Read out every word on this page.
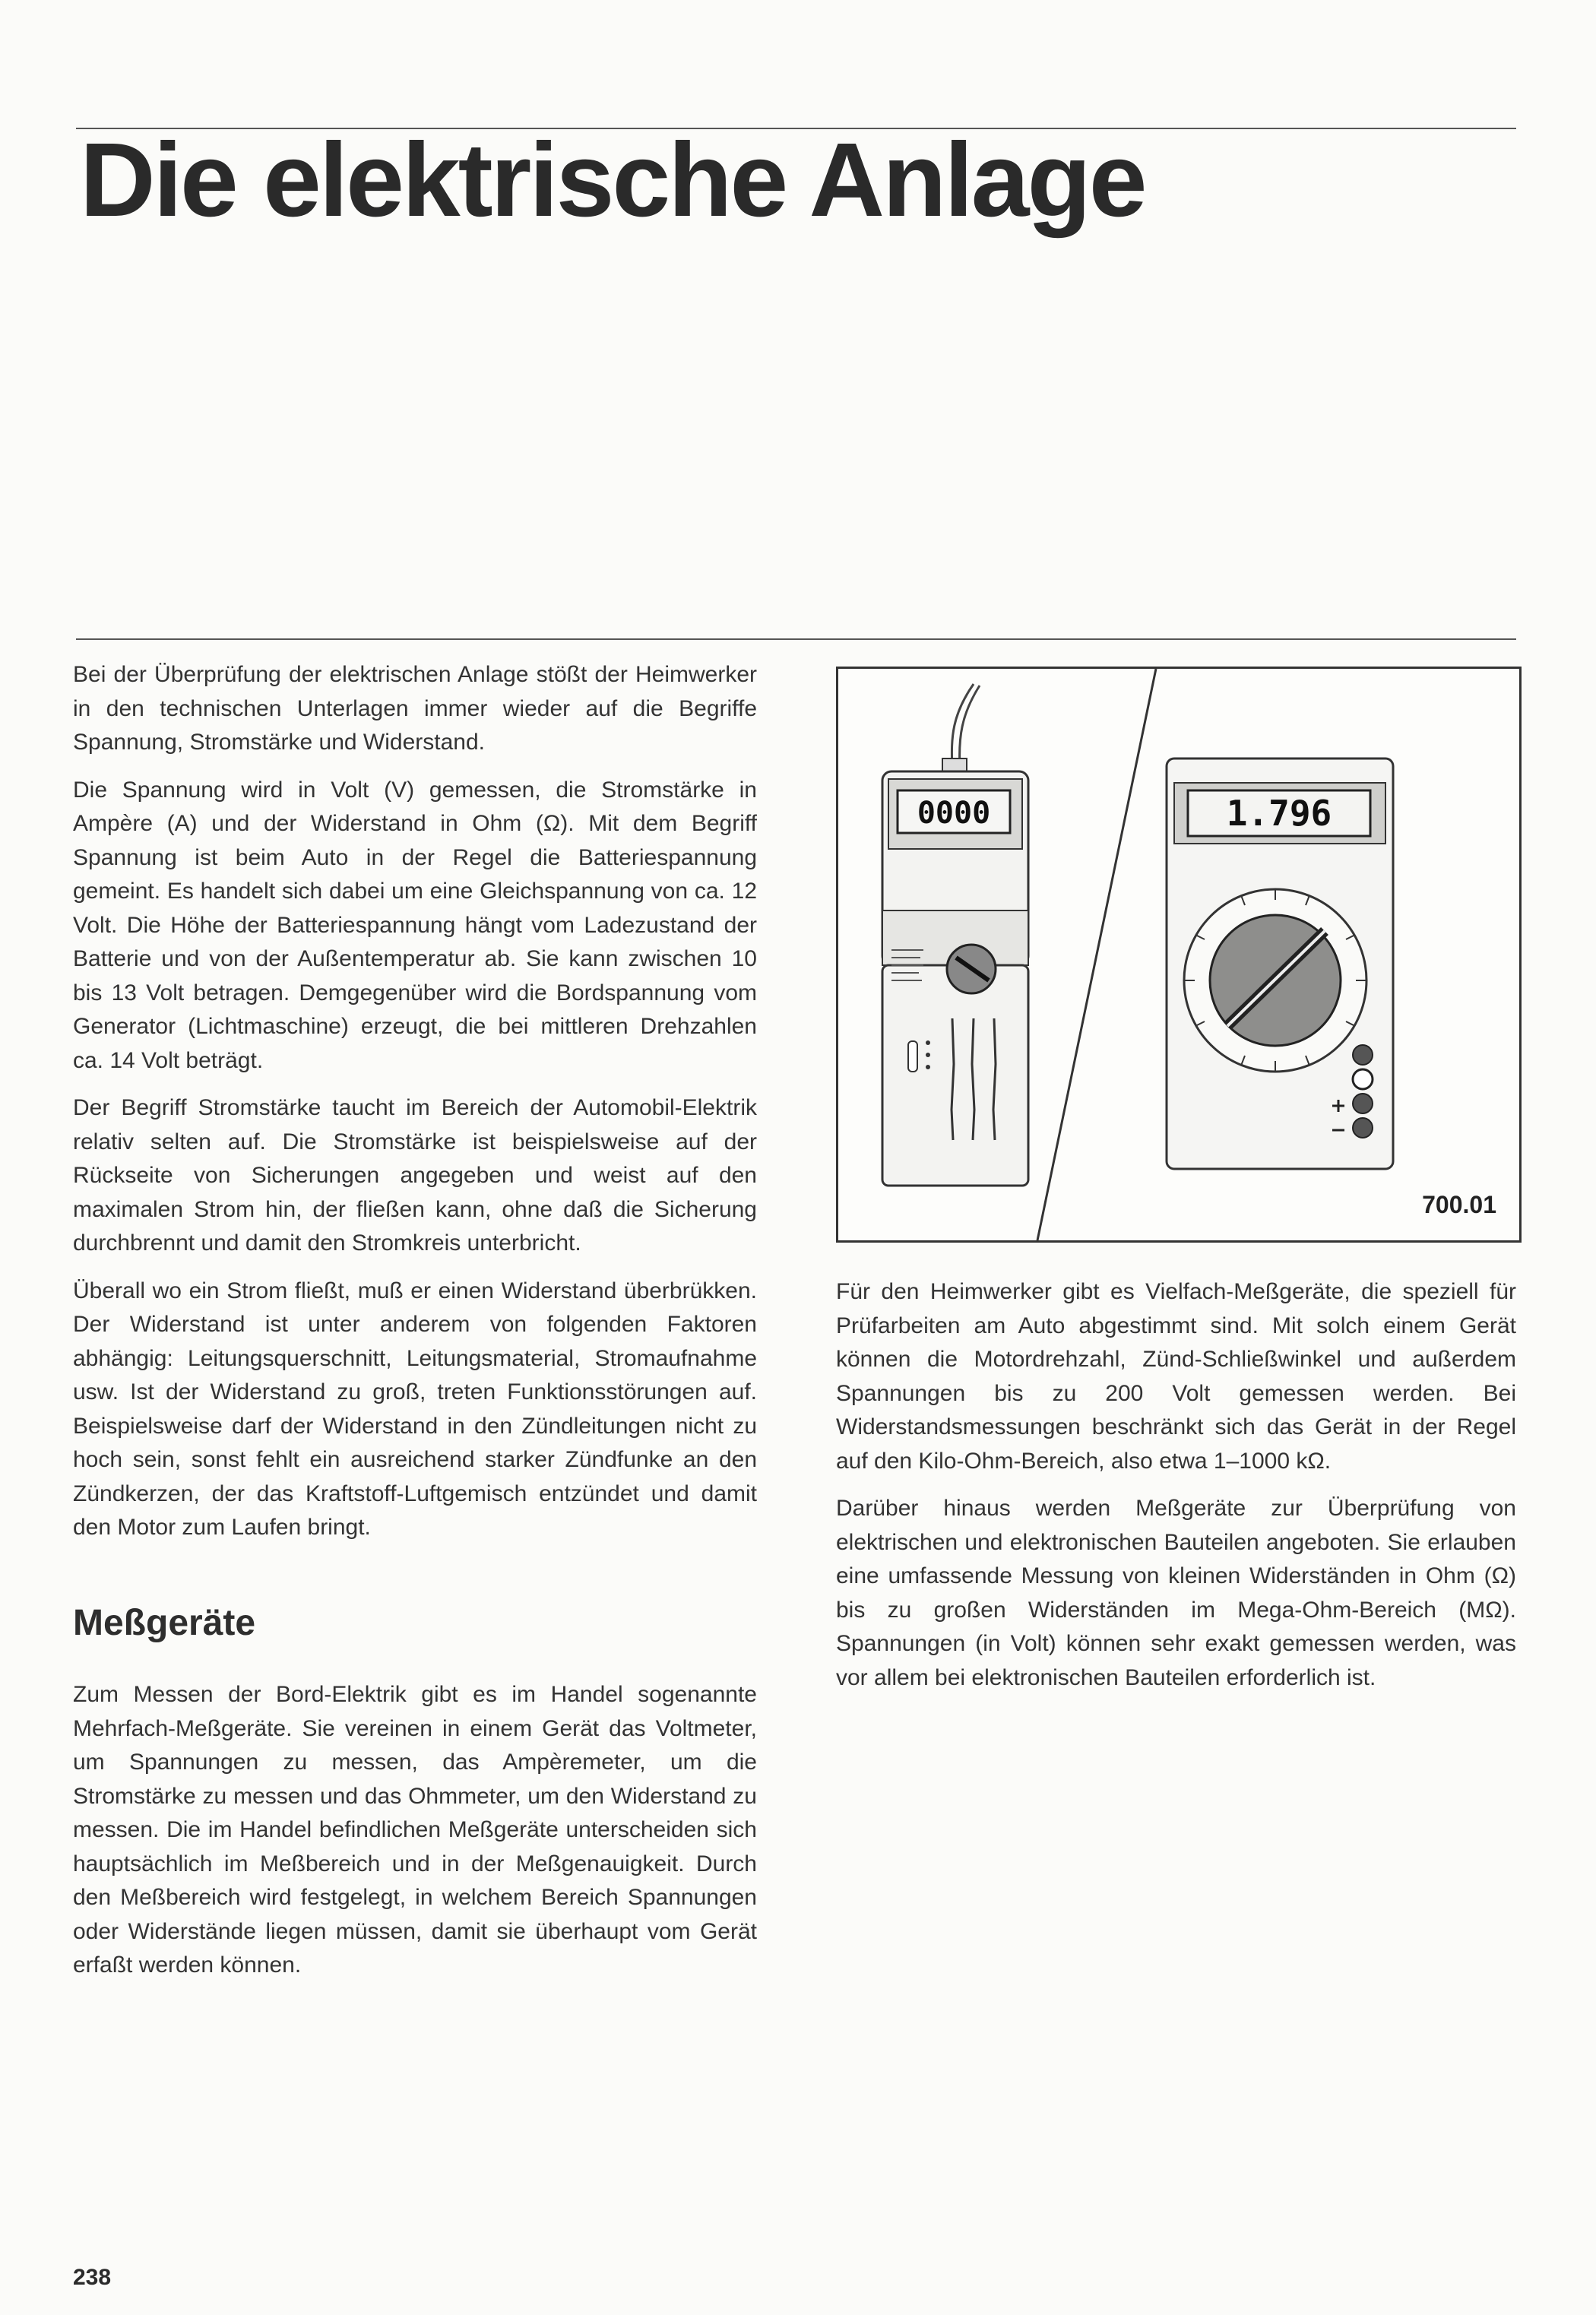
Die elektrische Anlage

Bei der Überprüfung der elektrischen Anlage stößt der Heimwerker in den technischen Unterlagen immer wieder auf die Begriffe Spannung, Stromstärke und Widerstand.

Die Spannung wird in Volt (V) gemessen, die Stromstärke in Ampère (A) und der Widerstand in Ohm (Ω). Mit dem Begriff Spannung ist beim Auto in der Regel die Batteriespannung gemeint. Es handelt sich dabei um eine Gleichspannung von ca. 12 Volt. Die Höhe der Batteriespannung hängt vom Ladezustand der Batterie und von der Außentemperatur ab. Sie kann zwischen 10 bis 13 Volt betragen. Demgegenüber wird die Bordspannung vom Generator (Lichtmaschine) erzeugt, die bei mittleren Drehzahlen ca. 14 Volt beträgt.

Der Begriff Stromstärke taucht im Bereich der Automobil-Elektrik relativ selten auf. Die Stromstärke ist beispielsweise auf der Rückseite von Sicherungen angegeben und weist auf den maximalen Strom hin, der fließen kann, ohne daß die Sicherung durchbrennt und damit den Stromkreis unterbricht.

Überall wo ein Strom fließt, muß er einen Widerstand überbrükken. Der Widerstand ist unter anderem von folgenden Faktoren abhängig: Leitungsquerschnitt, Leitungsmaterial, Stromaufnahme usw. Ist der Widerstand zu groß, treten Funktionsstörungen auf. Beispielsweise darf der Widerstand in den Zündleitungen nicht zu hoch sein, sonst fehlt ein ausreichend starker Zündfunke an den Zündkerzen, der das Kraftstoff-Luftgemisch entzündet und damit den Motor zum Laufen bringt.

Meßgeräte

Zum Messen der Bord-Elektrik gibt es im Handel sogenannte Mehrfach-Meßgeräte. Sie vereinen in einem Gerät das Voltmeter, um Spannungen zu messen, das Ampèremeter, um die Stromstärke zu messen und das Ohmmeter, um den Widerstand zu messen. Die im Handel befindlichen Meßgeräte unterscheiden sich hauptsächlich im Meßbereich und in der Meßgenauigkeit. Durch den Meßbereich wird festgelegt, in welchem Bereich Spannungen oder Widerstände liegen müssen, damit sie überhaupt vom Gerät erfaßt werden können.

0000	1.796
700.01

Für den Heimwerker gibt es Vielfach-Meßgeräte, die speziell für Prüfarbeiten am Auto abgestimmt sind. Mit solch einem Gerät können die Motordrehzahl, Zünd-Schließwinkel und außerdem Spannungen bis zu 200 Volt gemessen werden. Bei Widerstandsmessungen beschränkt sich das Gerät in der Regel auf den Kilo-Ohm-Bereich, also etwa 1–1000 kΩ.

Darüber hinaus werden Meßgeräte zur Überprüfung von elektrischen und elektronischen Bauteilen angeboten. Sie erlauben eine umfassende Messung von kleinen Widerständen in Ohm (Ω) bis zu großen Widerständen im Mega-Ohm-Bereich (MΩ). Spannungen (in Volt) können sehr exakt gemessen werden, was vor allem bei elektronischen Bauteilen erforderlich ist.

238
